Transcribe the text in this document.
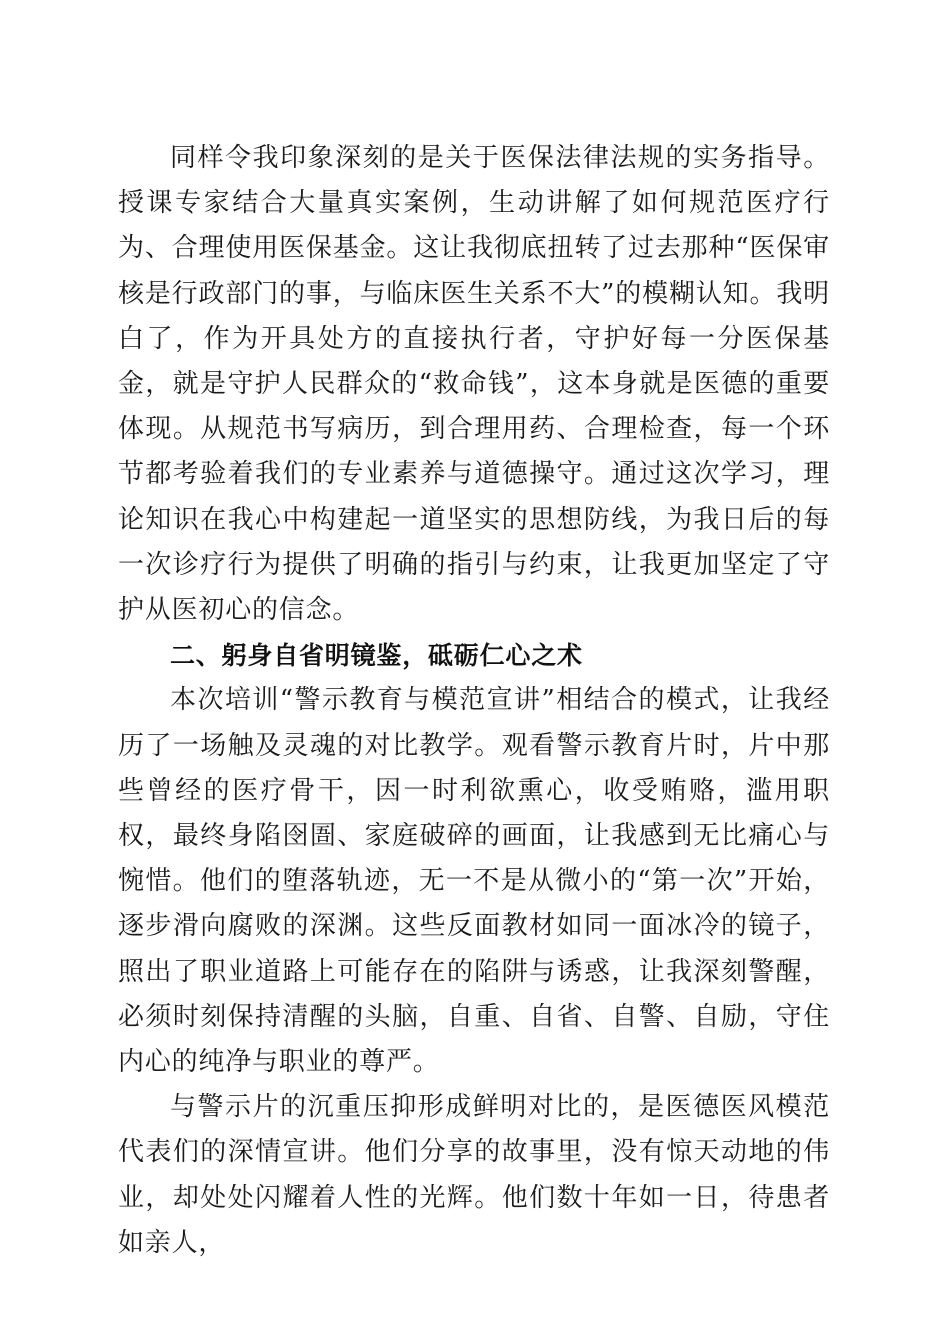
同样令我印象深刻的是关于医保法律法规的实务指导。授课专家结合大量真实案例，生动讲解了如何规范医疗行为、合理使用医保基金。这让我彻底扭转了过去那种“医保审核是行政部门的事，与临床医生关系不大”的模糊认知。我明白了，作为开具处方的直接执行者，守护好每一分医保基金，就是守护人民群众的“救命钱”，这本身就是医德的重要体现。从规范书写病历，到合理用药、合理检查，每一个环节都考验着我们的专业素养与道德操守。通过这次学习，理论知识在我心中构建起一道坚实的思想防线，为我日后的每一次诊疗行为提供了明确的指引与约束，让我更加坚定了守护从医初心的信念。

二、躬身自省明镜鉴，砥砺仁心之术

本次培训“警示教育与模范宣讲”相结合的模式，让我经历了一场触及灵魂的对比教学。观看警示教育片时，片中那些曾经的医疗骨干，因一时利欲熏心，收受贿赂，滥用职权，最终身陷囹圄、家庭破碎的画面，让我感到无比痛心与惋惜。他们的堕落轨迹，无一不是从微小的“第一次”开始，逐步滑向腐败的深渊。这些反面教材如同一面冰冷的镜子，照出了职业道路上可能存在的陷阱与诱惑，让我深刻警醒，必须时刻保持清醒的头脑，自重、自省、自警、自励，守住内心的纯净与职业的尊严。

与警示片的沉重压抑形成鲜明对比的，是医德医风模范代表们的深情宣讲。他们分享的故事里，没有惊天动地的伟业，却处处闪耀着人性的光辉。他们数十年如一日，待患者如亲人，
